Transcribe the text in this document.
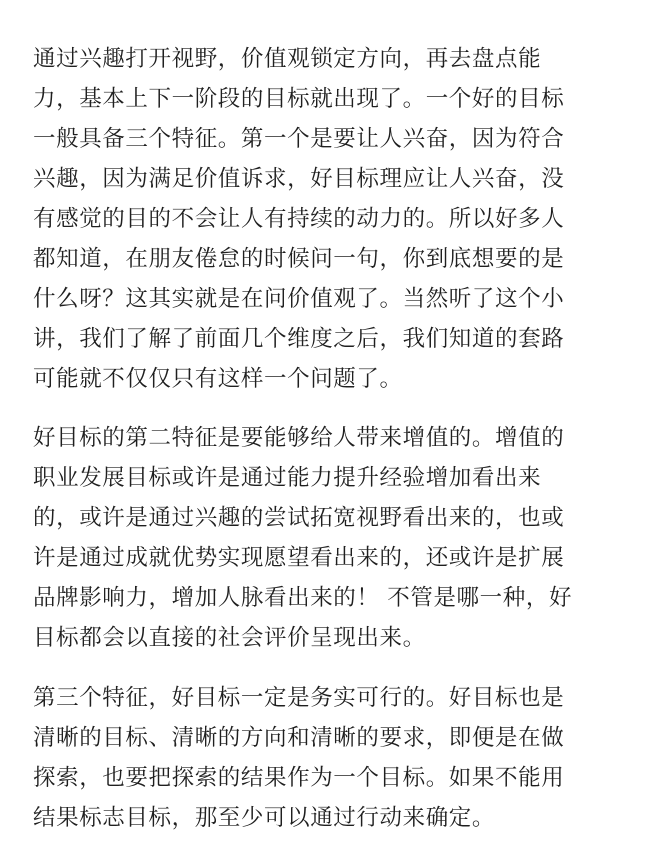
通过兴趣打开视野，价值观锁定方向，再去盘点能
力，基本上下一阶段的目标就出现了。一个好的目标
一般具备三个特征。第一个是要让人兴奋，因为符合
兴趣，因为满足价值诉求，好目标理应让人兴奋，没
有感觉的目的不会让人有持续的动力的。所以好多人
都知道，在朋友倦怠的时候问一句，你到底想要的是
什么呀？这其实就是在问价值观了。当然听了这个小
讲，我们了解了前面几个维度之后，我们知道的套路
可能就不仅仅只有这样一个问题了。
好目标的第二特征是要能够给人带来增值的。增值的
职业发展目标或许是通过能力提升经验增加看出来
的，或许是通过兴趣的尝试拓宽视野看出来的，也或
许是通过成就优势实现愿望看出来的，还或许是扩展
品牌影响力，增加人脉看出来的！ 不管是哪一种，好
目标都会以直接的社会评价呈现出来。
第三个特征，好目标一定是务实可行的。好目标也是
清晰的目标、清晰的方向和清晰的要求，即便是在做
探索，也要把探索的结果作为一个目标。如果不能用
结果标志目标，那至少可以通过行动来确定。
